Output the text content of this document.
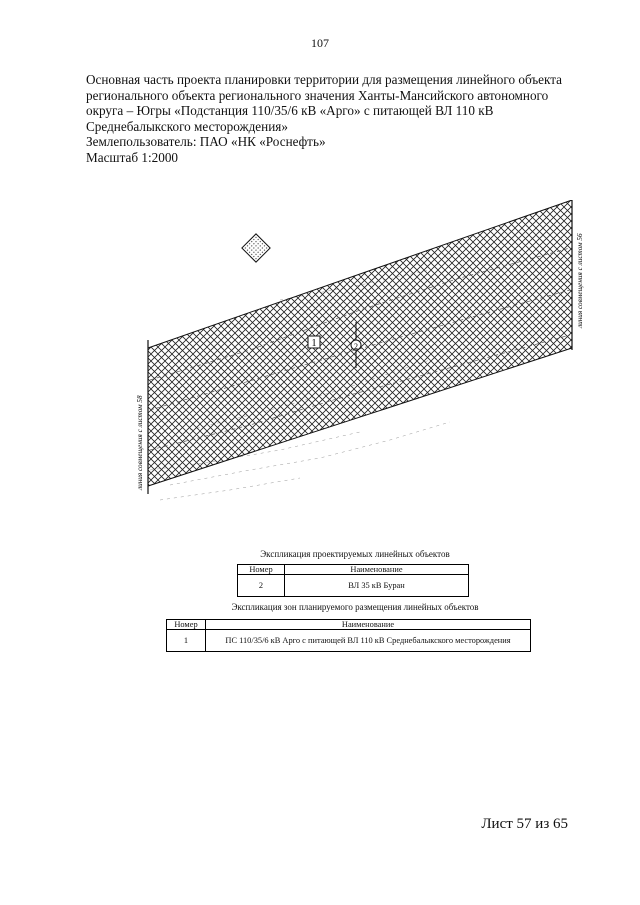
107
Основная часть проекта планировки территории для размещения линейного объекта
регионального объекта регионального значения Ханты-Мансийского автономного
округа – Югры «Подстанция 110/35/6 кВ «Арго» с питающей ВЛ 110 кВ
Среднебалыкского месторождения»
Землепользователь: ПАО «НК «Роснефть»
Масштаб 1:2000
1	2
линия совмещения с листом 58
линия совмещения с листом 56
Экспликация проектируемых линейных объектов
Номер	Наименование
2	ВЛ 35 кВ Буран
Экспликация зон планируемого размещения линейных объектов
Номер	Наименование
1	ПС 110/35/6 кВ Арго с питающей ВЛ 110 кВ Среднебалыкского месторождения
Лист 57 из 65
